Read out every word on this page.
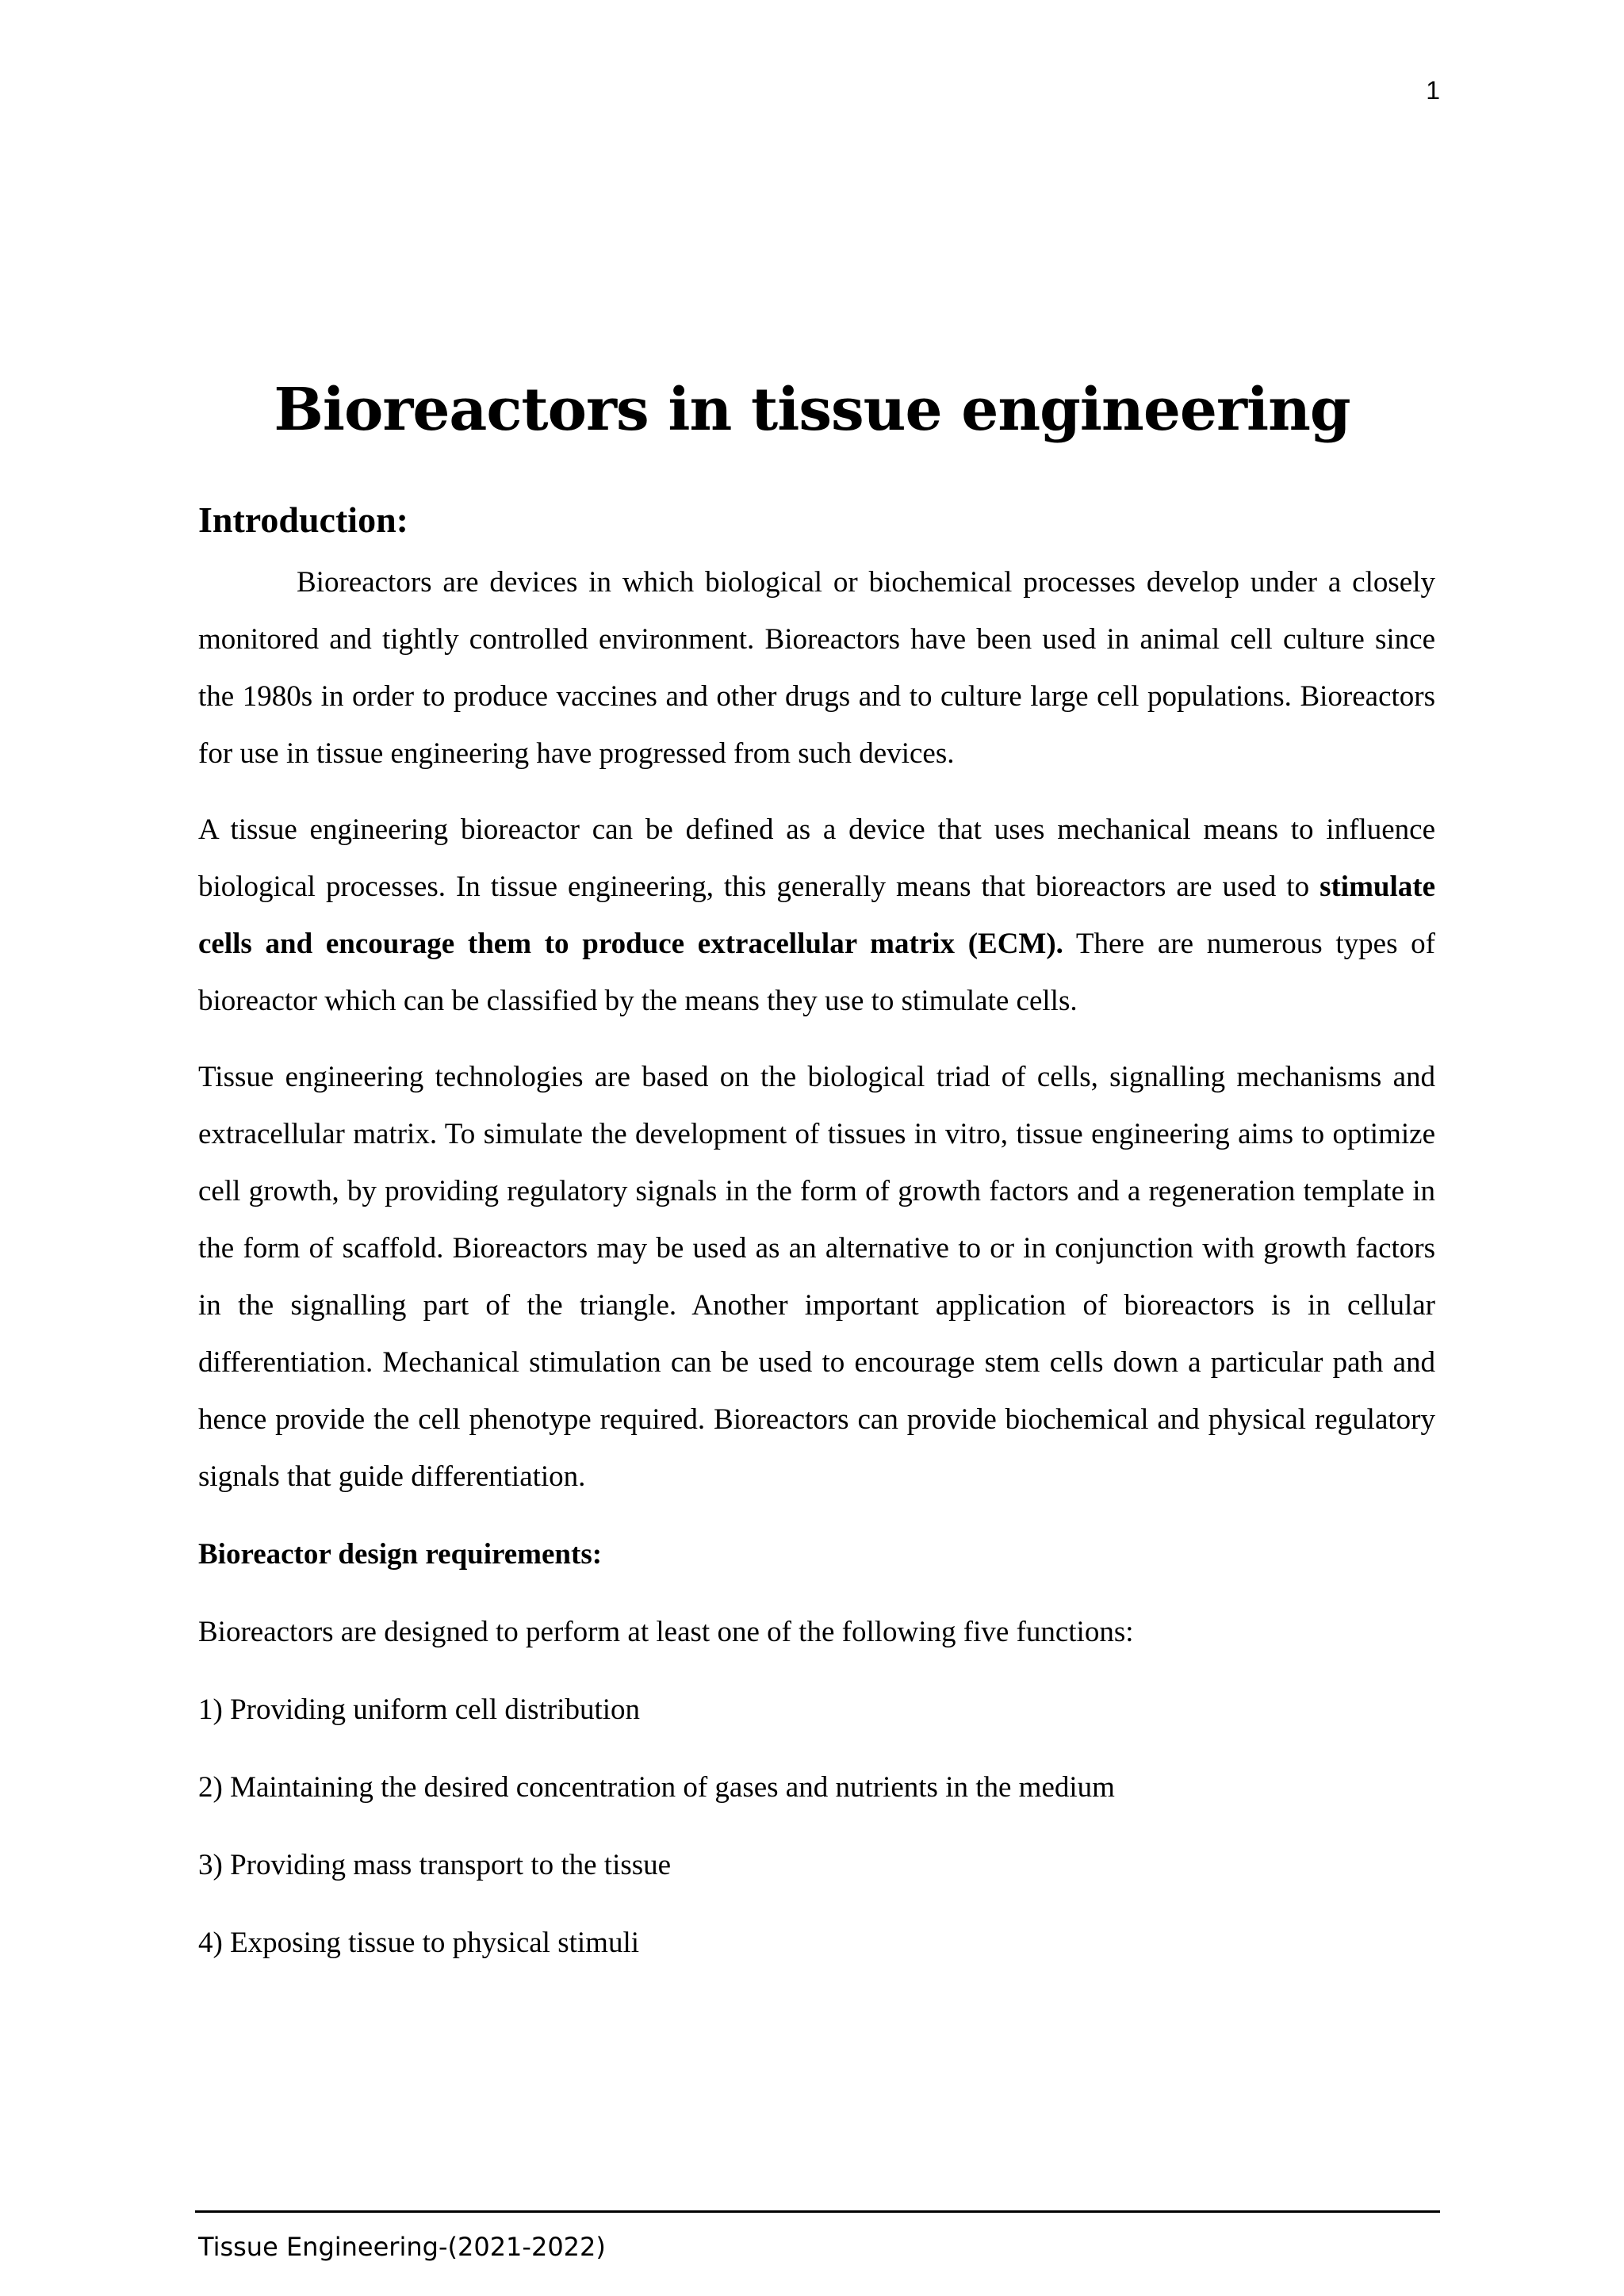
1
Bioreactors in tissue engineering
Introduction:

Bioreactors are devices in which biological or biochemical processes develop under a closely monitored and tightly controlled environment. Bioreactors have been used in animal cell culture since the 1980s in order to produce vaccines and other drugs and to culture large cell populations. Bioreactors for use in tissue engineering have progressed from such devices.

A tissue engineering bioreactor can be defined as a device that uses mechanical means to influence biological processes. In tissue engineering, this generally means that bioreactors are used to stimulate cells and encourage them to produce extracellular matrix (ECM). There are numerous types of bioreactor which can be classified by the means they use to stimulate cells.

Tissue engineering technologies are based on the biological triad of cells, signalling mechanisms and extracellular matrix. To simulate the development of tissues in vitro, tissue engineering aims to optimize cell growth, by providing regulatory signals in the form of growth factors and a regeneration template in the form of scaffold. Bioreactors may be used as an alternative to or in conjunction with growth factors in the signalling part of the triangle. Another important application of bioreactors is in cellular differentiation. Mechanical stimulation can be used to encourage stem cells down a particular path and hence provide the cell phenotype required. Bioreactors can provide biochemical and physical regulatory signals that guide differentiation.

Bioreactor design requirements:
Bioreactors are designed to perform at least one of the following five functions:
1) Providing uniform cell distribution
2) Maintaining the desired concentration of gases and nutrients in the medium
3) Providing mass transport to the tissue
4) Exposing tissue to physical stimuli
Tissue Engineering-(2021-2022)
